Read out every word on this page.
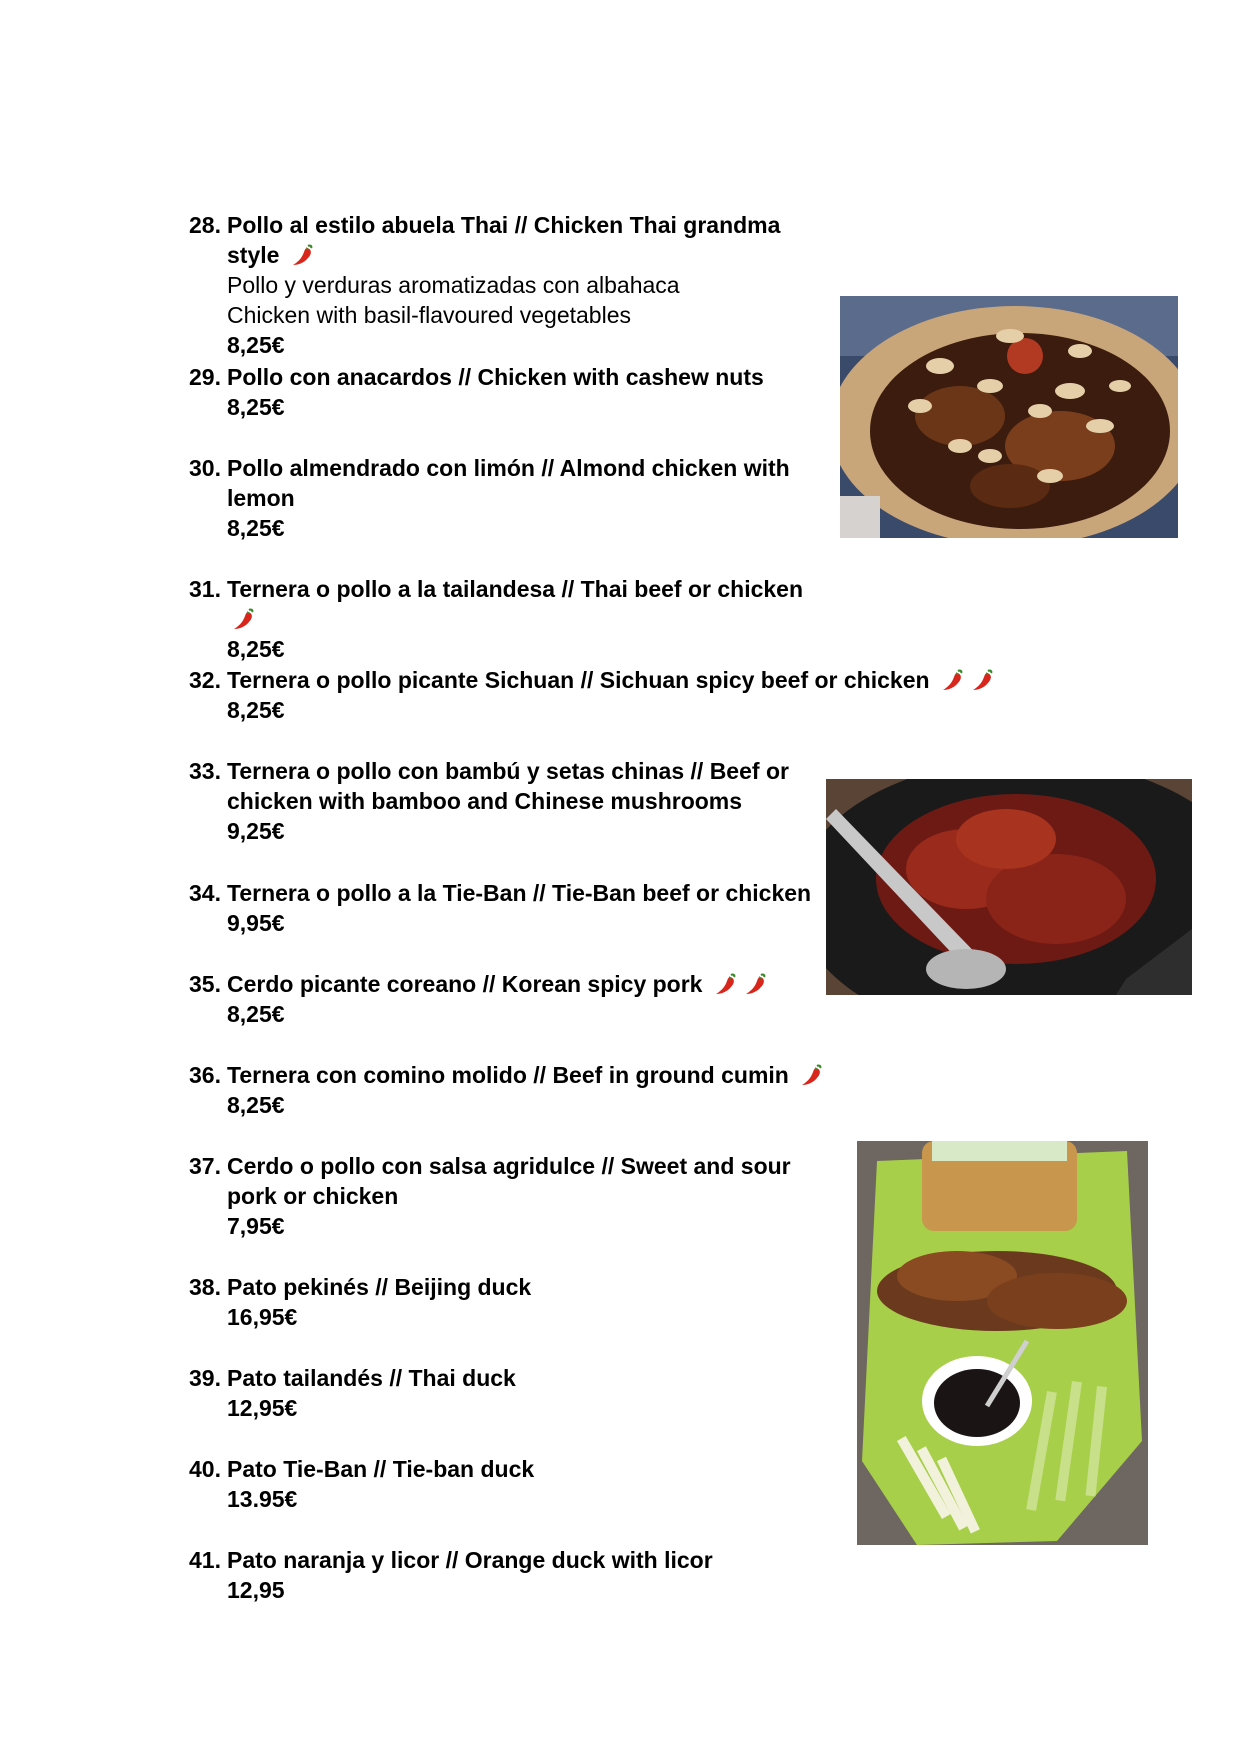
28. Pollo al estilo abuela Thai // Chicken Thai grandma style
Pollo y verduras aromatizadas con albahaca
Chicken with basil-flavoured vegetables
8,25€
29. Pollo con anacardos // Chicken with cashew nuts
8,25€
30. Pollo almendrado con limón // Almond chicken with lemon
8,25€
31. Ternera o pollo a la tailandesa // Thai beef or chicken
8,25€
32. Ternera o pollo picante Sichuan // Sichuan spicy beef or chicken
8,25€
33. Ternera o pollo con bambú y setas chinas // Beef or chicken with bamboo and Chinese mushrooms
9,25€
34. Ternera o pollo a la Tie-Ban // Tie-Ban beef or chicken
9,95€
35. Cerdo picante coreano // Korean spicy pork
8,25€
36. Ternera con comino molido // Beef in ground cumin
8,25€
37. Cerdo o pollo con salsa agridulce // Sweet and sour pork or chicken
7,95€
38. Pato pekinés // Beijing duck
16,95€
39. Pato tailandés // Thai duck
12,95€
40. Pato Tie-Ban // Tie-ban duck
13.95€
41. Pato naranja y licor // Orange duck with licor
12,95
